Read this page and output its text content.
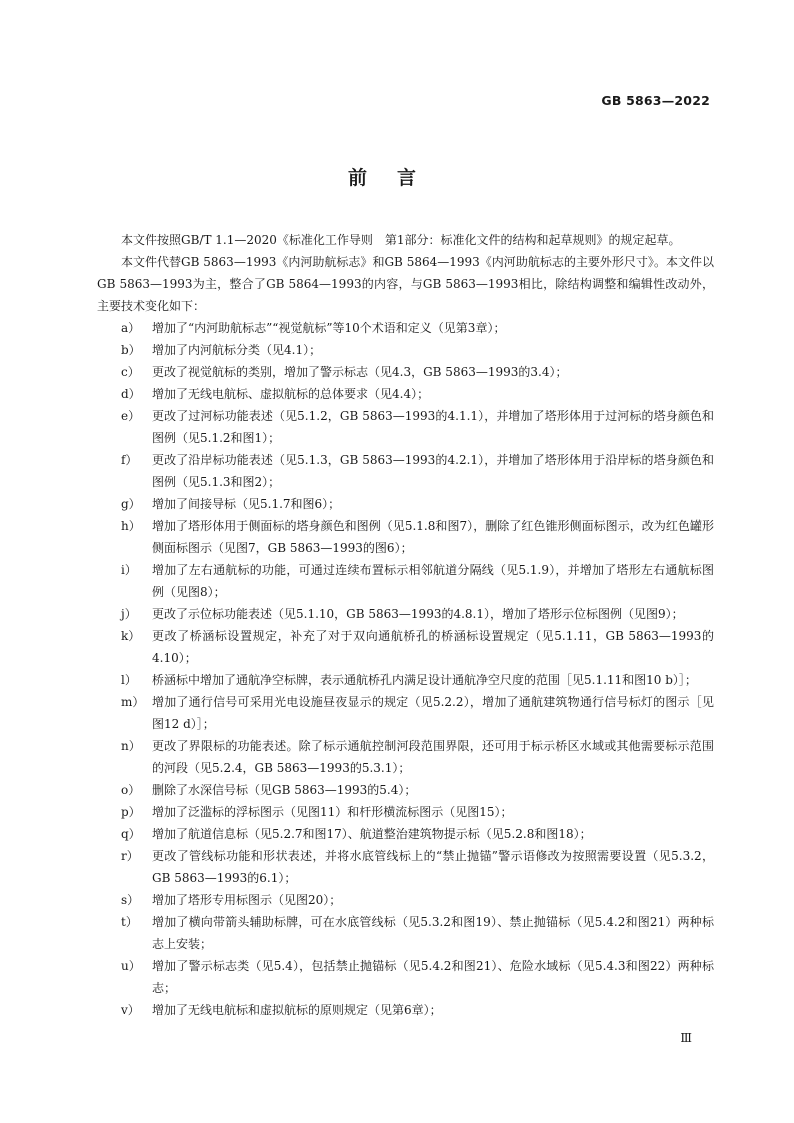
GB 5863—2022
前言

本文件按照GB/T 1.1—2020《标准化工作导则　第1部分：标准化文件的结构和起草规则》的规定起草。

本文件代替GB 5863—1993《内河助航标志》和GB 5864—1993《内河助航标志的主要外形尺寸》。本文件以GB 5863—1993为主，整合了GB 5864—1993的内容，与GB 5863—1993相比，除结构调整和编辑性改动外，主要技术变化如下：

a） 增加了“内河助航标志”“视觉航标”等10个术语和定义（见第3章）；

b） 增加了内河航标分类（见4.1）；

c） 更改了视觉航标的类别，增加了警示标志（见4.3，GB 5863—1993的3.4）；

d） 增加了无线电航标、虚拟航标的总体要求（见4.4）；

e） 更改了过河标功能表述（见5.1.2，GB 5863—1993的4.1.1），并增加了塔形体用于过河标的塔身颜色和图例（见5.1.2和图1）；

f） 更改了沿岸标功能表述（见5.1.3，GB 5863—1993的4.2.1），并增加了塔形体用于沿岸标的塔身颜色和图例（见5.1.3和图2）；

g） 增加了间接导标（见5.1.7和图6）；

h） 增加了塔形体用于侧面标的塔身颜色和图例（见5.1.8和图7），删除了红色锥形侧面标图示，改为红色罐形侧面标图示（见图7，GB 5863—1993的图6）；

i） 增加了左右通航标的功能，可通过连续布置标示相邻航道分隔线（见5.1.9），并增加了塔形左右通航标图例（见图8）；

j） 更改了示位标功能表述（见5.1.10，GB 5863—1993的4.8.1），增加了塔形示位标图例（见图9）；

k） 更改了桥涵标设置规定，补充了对于双向通航桥孔的桥涵标设置规定（见5.1.11，GB 5863—1993的4.10）；

l） 桥涵标中增加了通航净空标牌，表示通航桥孔内满足设计通航净空尺度的范围［见5.1.11和图10 b）］；

m） 增加了通行信号可采用光电设施昼夜显示的规定（见5.2.2），增加了通航建筑物通行信号标灯的图示［见图12 d）］；

n） 更改了界限标的功能表述。除了标示通航控制河段范围界限，还可用于标示桥区水域或其他需要标示范围的河段（见5.2.4，GB 5863—1993的5.3.1）；

o） 删除了水深信号标（见GB 5863—1993的5.4）；

p） 增加了泛滥标的浮标图示（见图11）和杆形横流标图示（见图15）；

q） 增加了航道信息标（见5.2.7和图17）、航道整治建筑物提示标（见5.2.8和图18）；

r） 更改了管线标功能和形状表述，并将水底管线标上的“禁止抛锚”警示语修改为按照需要设置（见5.3.2，GB 5863—1993的6.1）；

s） 增加了塔形专用标图示（见图20）；

t） 增加了横向带箭头辅助标牌，可在水底管线标（见5.3.2和图19）、禁止抛锚标（见5.4.2和图21）两种标志上安装；

u） 增加了警示标志类（见5.4），包括禁止抛锚标（见5.4.2和图21）、危险水域标（见5.4.3和图22）两种标志；

v） 增加了无线电航标和虚拟航标的原则规定（见第6章）；

Ⅲ
